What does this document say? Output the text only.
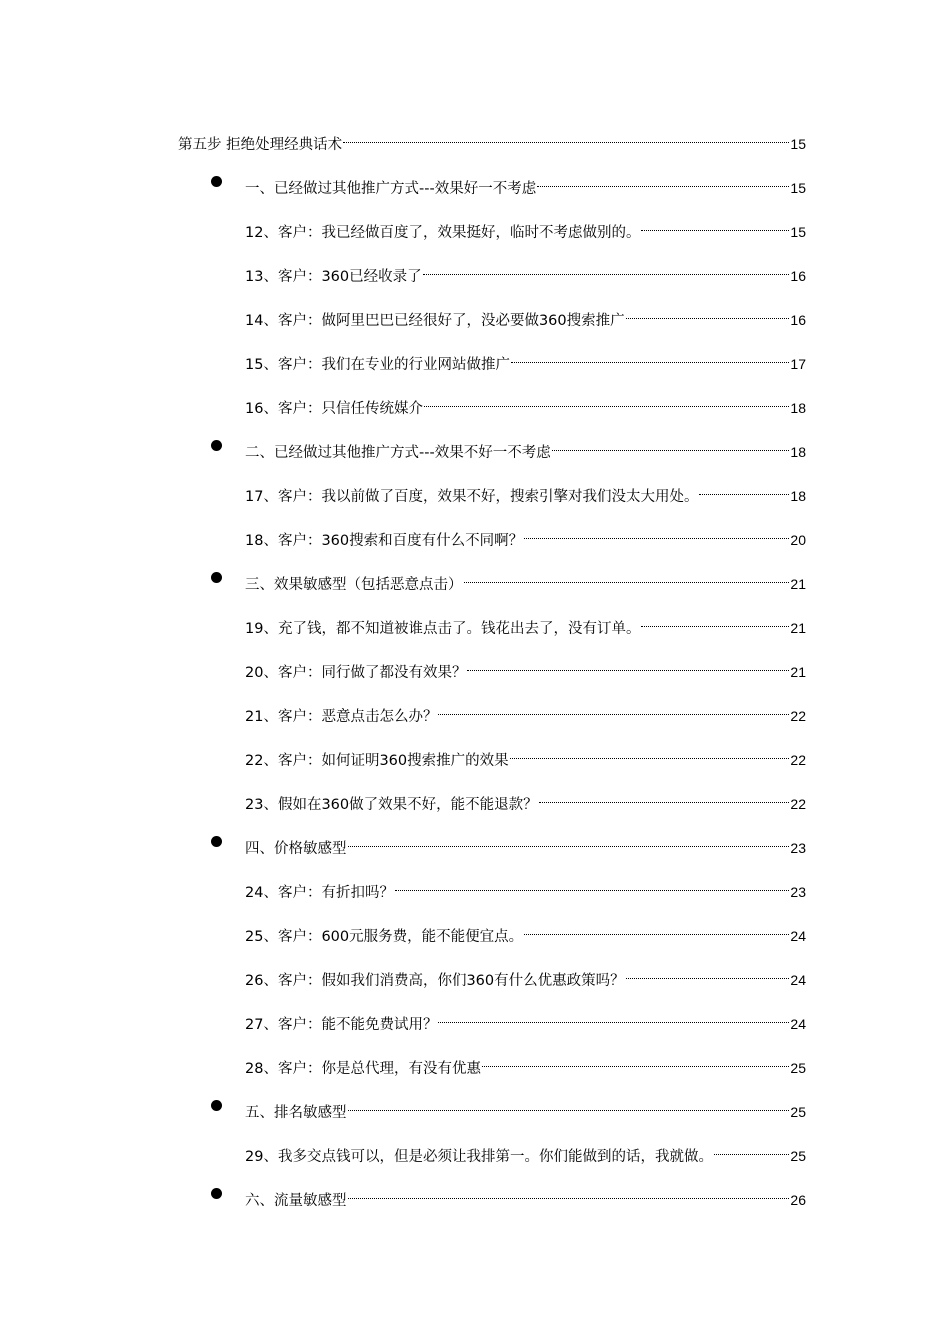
第五步 拒绝处理经典话术	15
一、已经做过其他推广方式---效果好一不考虑	15
12、客户：我已经做百度了，效果挺好，临时不考虑做别的。	15
13、客户：360已经收录了	16
14、客户：做阿里巴巴已经很好了，没必要做360搜索推广	16
15、客户：我们在专业的行业网站做推广	17
16、客户：只信任传统媒介	18
二、已经做过其他推广方式---效果不好一不考虑	18
17、客户：我以前做了百度，效果不好，搜索引擎对我们没太大用处。	18
18、客户：360搜索和百度有什么不同啊？	20
三、效果敏感型（包括恶意点击）	21
19、充了钱，都不知道被谁点击了。钱花出去了，没有订单。	21
20、客户：同行做了都没有效果？	21
21、客户：恶意点击怎么办？	22
22、客户：如何证明360搜索推广的效果	22
23、假如在360做了效果不好，能不能退款？	22
四、价格敏感型	23
24、客户：有折扣吗？	23
25、客户：600元服务费，能不能便宜点。	24
26、客户：假如我们消费高，你们360有什么优惠政策吗？	24
27、客户：能不能免费试用？	24
28、客户：你是总代理，有没有优惠	25
五、排名敏感型	25
29、我多交点钱可以，但是必须让我排第一。你们能做到的话，我就做。	25
六、流量敏感型	26
